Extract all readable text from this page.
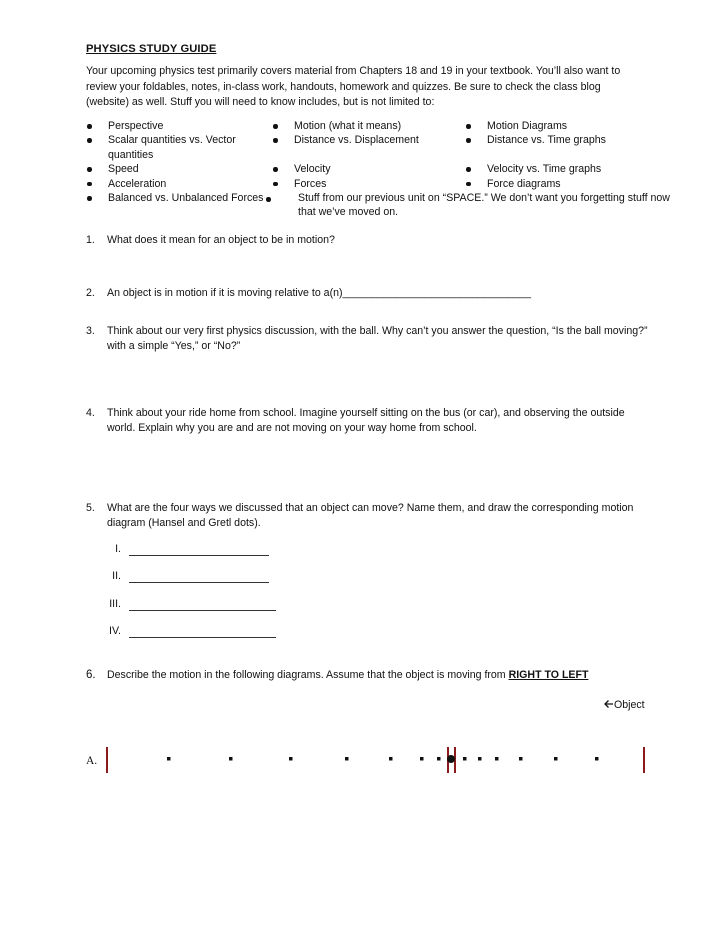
PHYSICS STUDY GUIDE
Your upcoming physics test primarily covers material from Chapters 18 and 19 in your textbook. You’ll also want to review your foldables, notes, in-class work, handouts, homework and quizzes. Be sure to check the class blog (website) as well. Stuff you will need to know includes, but is not limited to:
Perspective
Scalar quantities vs. Vector quantities
Speed
Acceleration
Balanced vs. Unbalanced Forces
Motion (what it means)
Distance vs. Displacement
Velocity
Forces
Motion Diagrams
Distance vs. Time graphs
Velocity vs. Time graphs
Force diagrams
Stuff from our previous unit on “SPACE.” We don’t want you forgetting stuff now that we’ve moved on.
1. What does it mean for an object to be in motion?
2. An object is in motion if it is moving relative to a(n)________________________________
3. Think about our very first physics discussion, with the ball. Why can’t you answer the question, “Is the ball moving?” with a simple “Yes,” or “No?”
4. Think about your ride home from school. Imagine yourself sitting on the bus (or car), and observing the outside world. Explain why you are and are not moving on your way home from school.
5. What are the four ways we discussed that an object can move? Name them, and draw the corresponding motion diagram (Hansel and Gretl dots).
I.
II.
III.
IV.
6. Describe the motion in the following diagrams. Assume that the object is moving from RIGHT TO LEFT
Object
A.
